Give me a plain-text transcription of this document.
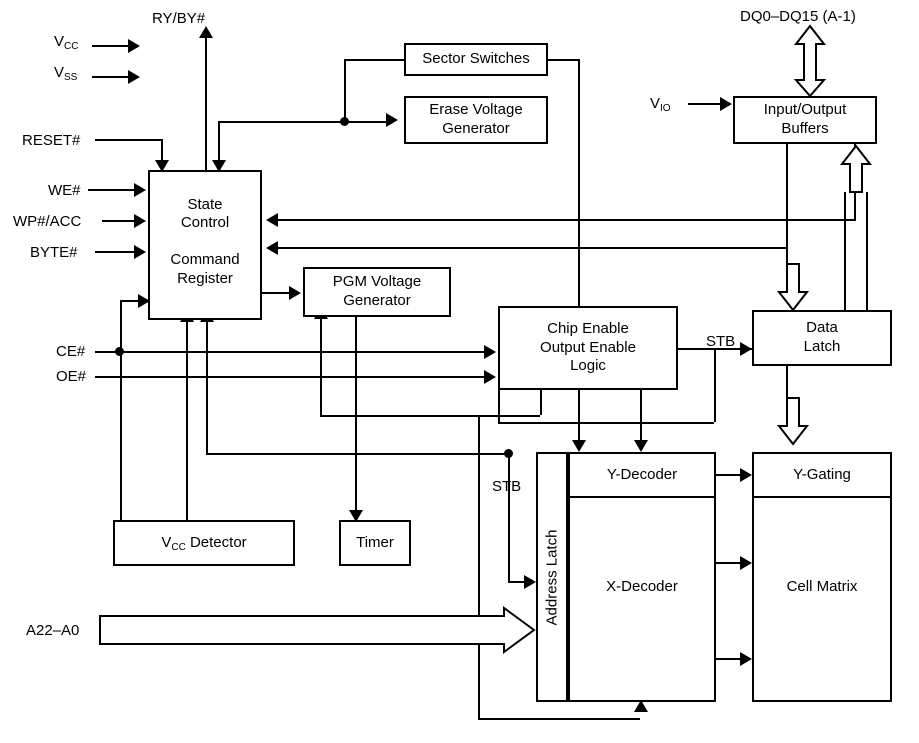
RY/BY#	DQ0–DQ15 (A-1)
$V_{CC}$
$V_{SS}$
RESET#
WE#
WP#/ACC
BYTE#
CE#
OE#
A22–A0
$V_{IO}$
STB
STB
Sector Switches
Erase Voltage
Generator
Input/Output
Buffers
State
Control
Command
Register	PGM Voltage
Generator
Chip Enable
Output Enable
Logic
Data
Latch
$V_{CC}$ Detector	Timer	Address Latch
Y-Decoder
X-Decoder
Y-Gating
Cell Matrix
